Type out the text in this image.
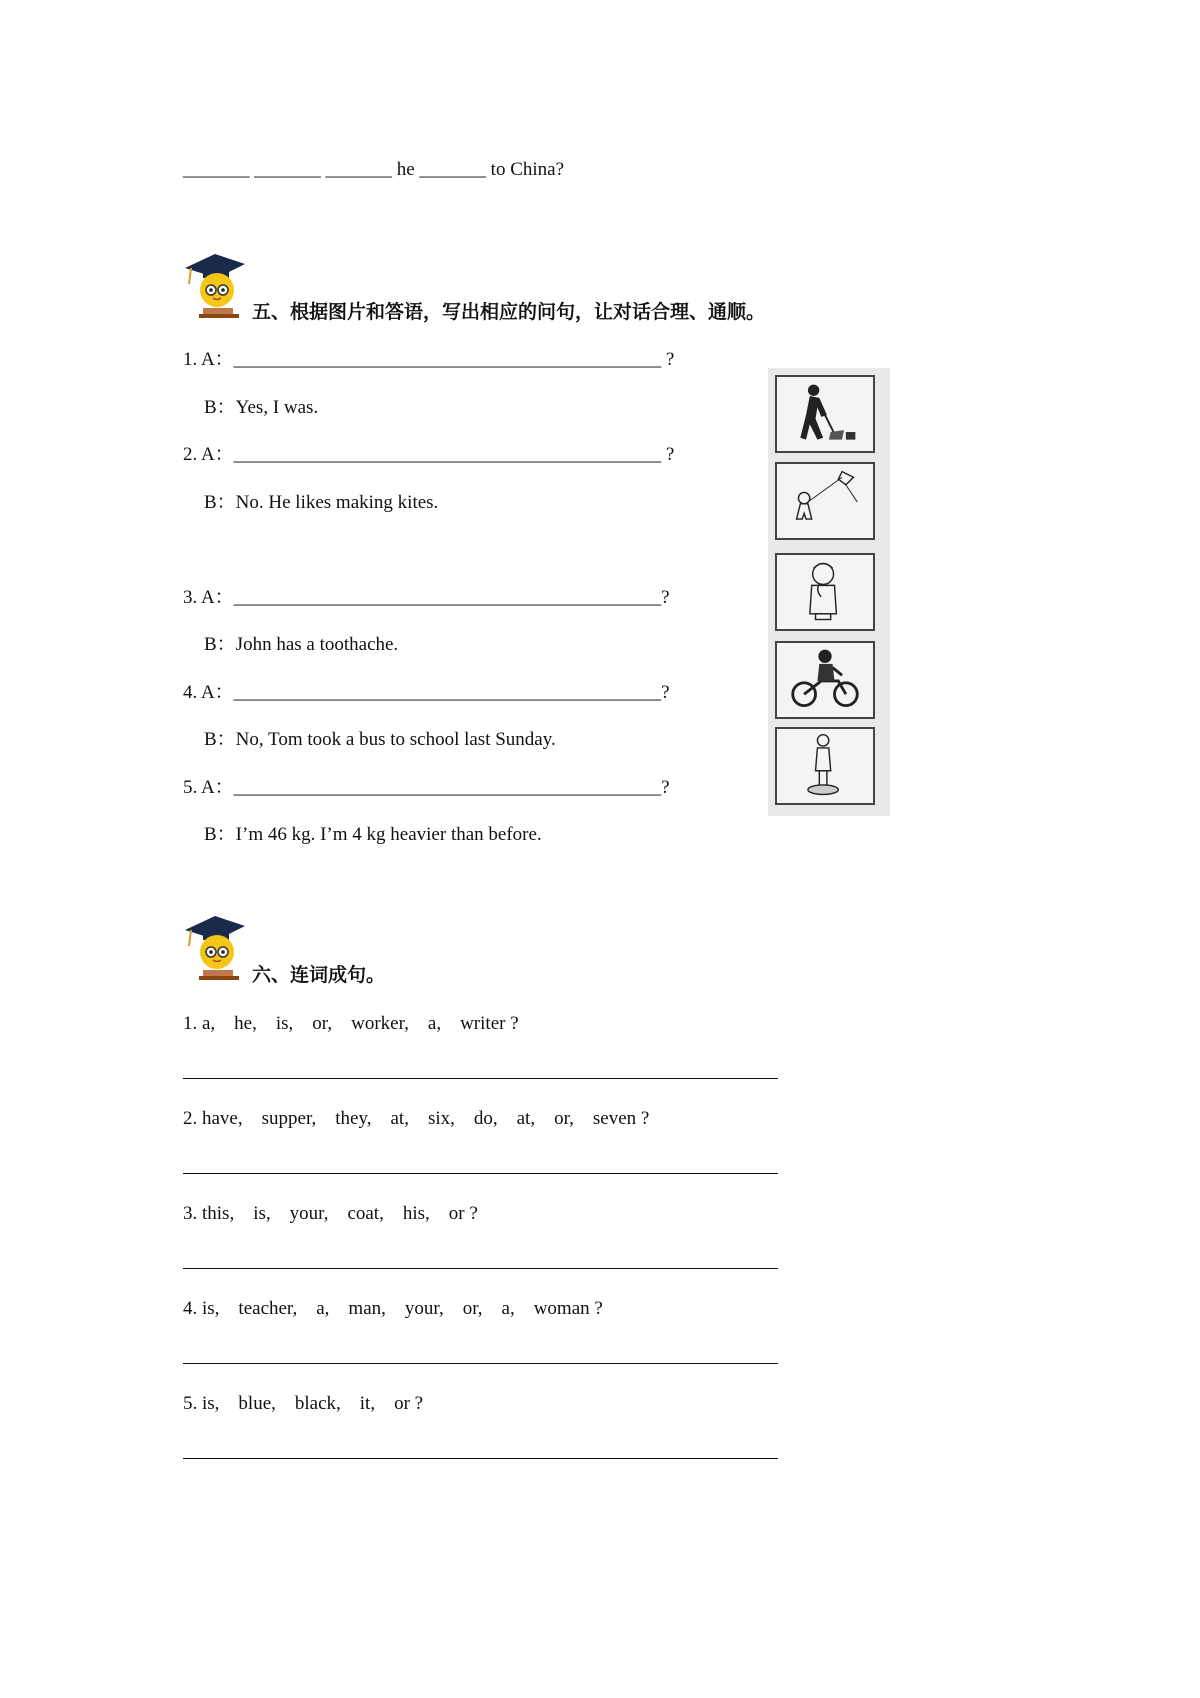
_______ _______ _______ he _______ to China?
五、根据图片和答语，写出相应的问句，让对话合理、通顺。
1. A：_____________________________________________ ?
B：Yes, I was.
2. A：_____________________________________________ ?
B：No. He likes making kites.
3. A：_____________________________________________?
B：John has a toothache.
4. A：_____________________________________________?
B：No, Tom took a bus to school last Sunday.
5. A：_____________________________________________?
B：I’m 46 kg. I’m 4 kg heavier than before.
六、连词成句。
1. a,    he,    is,    or,    worker,    a,    writer ?
2. have,    supper,    they,    at,    six,    do,    at,    or,    seven ?
3. this,    is,    your,    coat,    his,    or ?
4. is,    teacher,    a,    man,    your,    or,    a,    woman ?
5. is,    blue,    black,    it,    or ?
